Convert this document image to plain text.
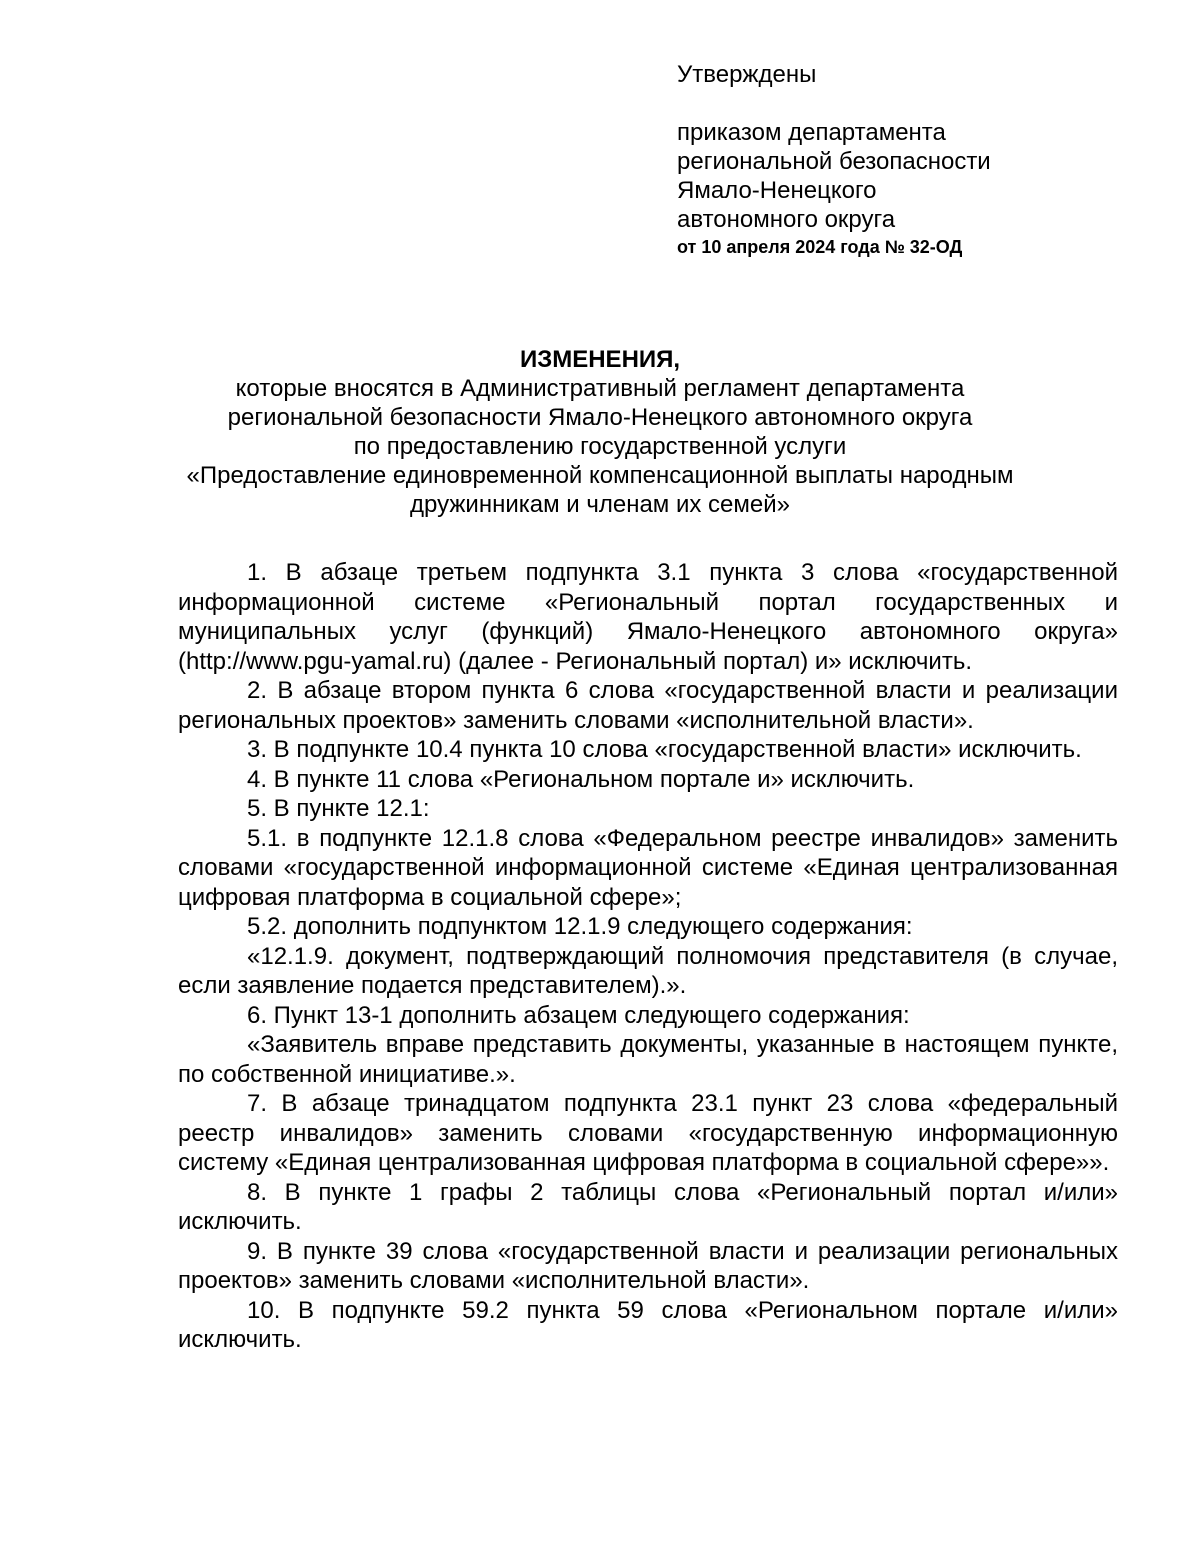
Утверждены
приказом департамента
региональной безопасности
Ямало-Ненецкого
автономного округа
от 10 апреля 2024 года № 32-ОД
ИЗМЕНЕНИЯ,
которые вносятся в Административный регламент департамента
региональной безопасности Ямало-Ненецкого автономного округа
по предоставлению государственной услуги
«Предоставление единовременной компенсационной выплаты народным
дружинникам и членам их семей»

1. В абзаце третьем подпункта 3.1 пункта 3 слова «государственной информационной системе «Региональный портал государственных и муниципальных услуг (функций) Ямало-Ненецкого автономного округа» (http://www.pgu-yamal.ru) (далее - Региональный портал) и» исключить.

2. В абзаце втором пункта 6 слова «государственной власти и реализации региональных проектов» заменить словами «исполнительной власти».

3. В подпункте 10.4 пункта 10 слова «государственной власти» исключить.

4. В пункте 11 слова «Региональном портале и» исключить.

5. В пункте 12.1:

5.1. в подпункте 12.1.8 слова «Федеральном реестре инвалидов» заменить словами «государственной информационной системе «Единая централизованная цифровая платформа в социальной сфере»;

5.2. дополнить подпунктом 12.1.9 следующего содержания:

«12.1.9. документ, подтверждающий полномочия представителя (в случае, если заявление подается представителем).».

6. Пункт 13-1 дополнить абзацем следующего содержания:

«Заявитель вправе представить документы, указанные в настоящем пункте, по собственной инициативе.».

7. В абзаце тринадцатом подпункта 23.1 пункт 23 слова «федеральный реестр инвалидов» заменить словами «государственную информационную систему «Единая централизованная цифровая платформа в социальной сфере»».

8. В пункте 1 графы 2 таблицы слова «Региональный портал и/или» исключить.

9. В пункте 39 слова «государственной власти и реализации региональных проектов» заменить словами «исполнительной власти».

10. В подпункте 59.2 пункта 59 слова «Региональном портале и/или» исключить.
